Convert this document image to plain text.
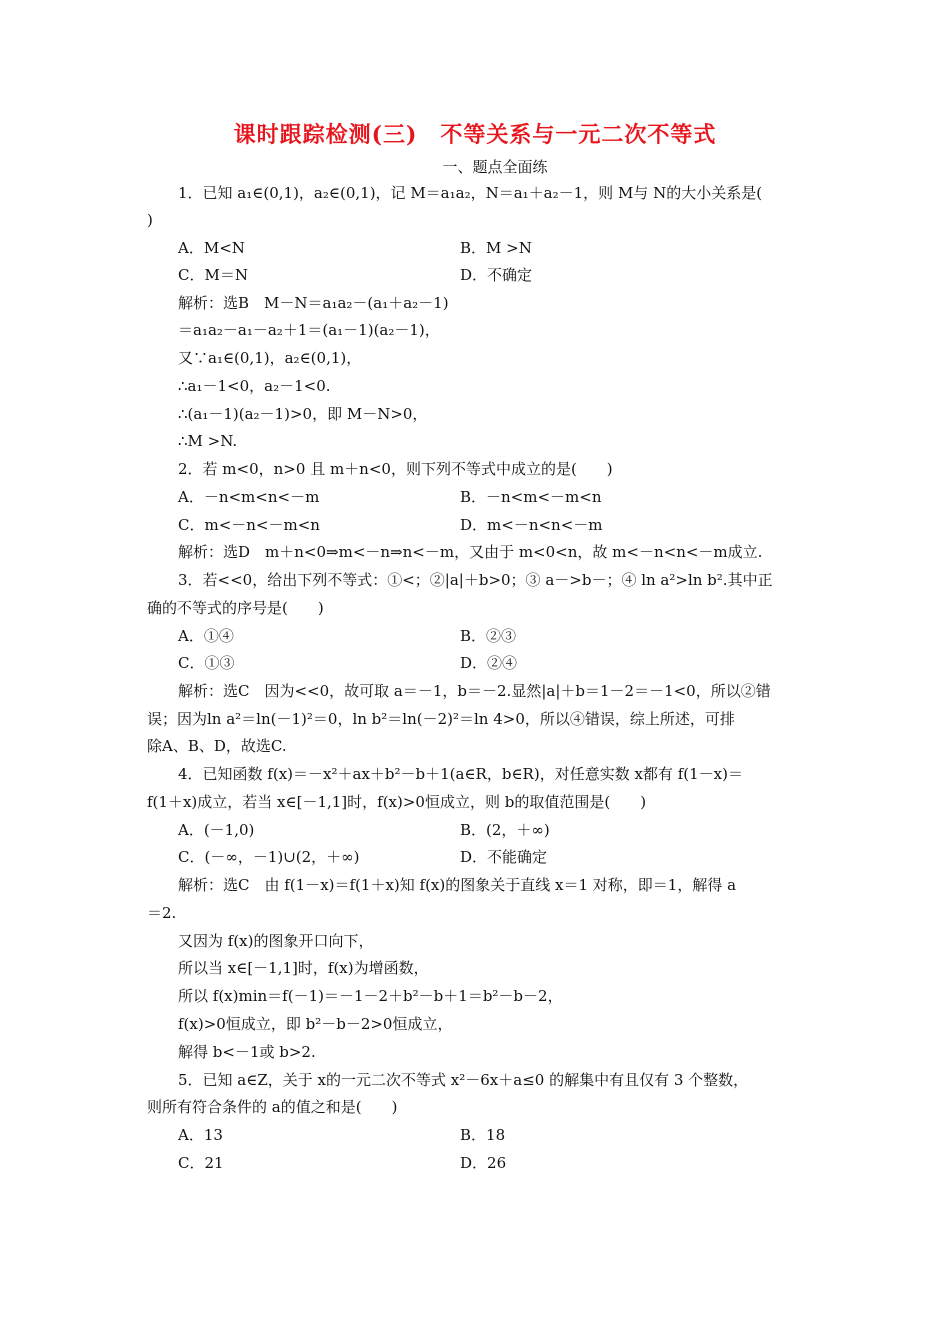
课时跟踪检测(三)　不等关系与一元二次不等式
一、题点全面练
1．已知 a₁∈(0,1)，a₂∈(0,1)，记 M＝a₁a₂，N＝a₁＋a₂－1，则 M与 N的大小关系是(
)
A．M<N	B．M >N
C．M＝N	D．不确定
解析：选B　M－N＝a₁a₂－(a₁＋a₂－1)
＝a₁a₂－a₁－a₂＋1＝(a₁－1)(a₂－1)，
又∵a₁∈(0,1)，a₂∈(0,1)，
∴a₁－1<0，a₂－1<0.
∴(a₁－1)(a₂－1)>0，即 M－N>0，
∴M >N.
2．若 m<0，n>0 且 m＋n<0，则下列不等式中成立的是(　　)
A．－n<m<n<－m	B．－n<m<－m<n
C．m<－n<－m<n	D．m<－n<n<－m
解析：选D　m＋n<0⇒m<－n⇒n<－m，又由于 m<0<n，故 m<－n<n<－m成立.
3．若<<0，给出下列不等式：①<；②|a|＋b>0；③ a－>b－；④ ln a²>ln b².其中正
确的不等式的序号是(　　)
A．①④	B．②③
C．①③	D．②④
解析：选C　因为<<0，故可取 a＝－1，b＝－2.显然|a|＋b＝1－2＝－1<0，所以②错
误；因为ln a²＝ln(－1)²＝0，ln b²＝ln(－2)²＝ln 4>0，所以④错误，综上所述，可排
除A、B、D，故选C.
4．已知函数 f(x)＝－x²＋ax＋b²－b＋1(a∈R，b∈R)，对任意实数 x都有 f(1－x)＝
f(1＋x)成立，若当 x∈[－1,1]时，f(x)>0恒成立，则 b的取值范围是(　　)
A．(－1,0)	B．(2，＋∞)
C．(－∞，－1)∪(2，＋∞)	D．不能确定
解析：选C　由 f(1－x)＝f(1＋x)知 f(x)的图象关于直线 x＝1 对称，即＝1，解得 a
＝2.
又因为 f(x)的图象开口向下，
所以当 x∈[－1,1]时，f(x)为增函数，
所以 f(x)min＝f(－1)＝－1－2＋b²－b＋1＝b²－b－2，
f(x)>0恒成立，即 b²－b－2>0恒成立，
解得 b<－1或 b>2.
5．已知 a∈Z，关于 x的一元二次不等式 x²－6x＋a≤0 的解集中有且仅有 3 个整数，
则所有符合条件的 a的值之和是(　　)
A．13	B．18
C．21	D．26
